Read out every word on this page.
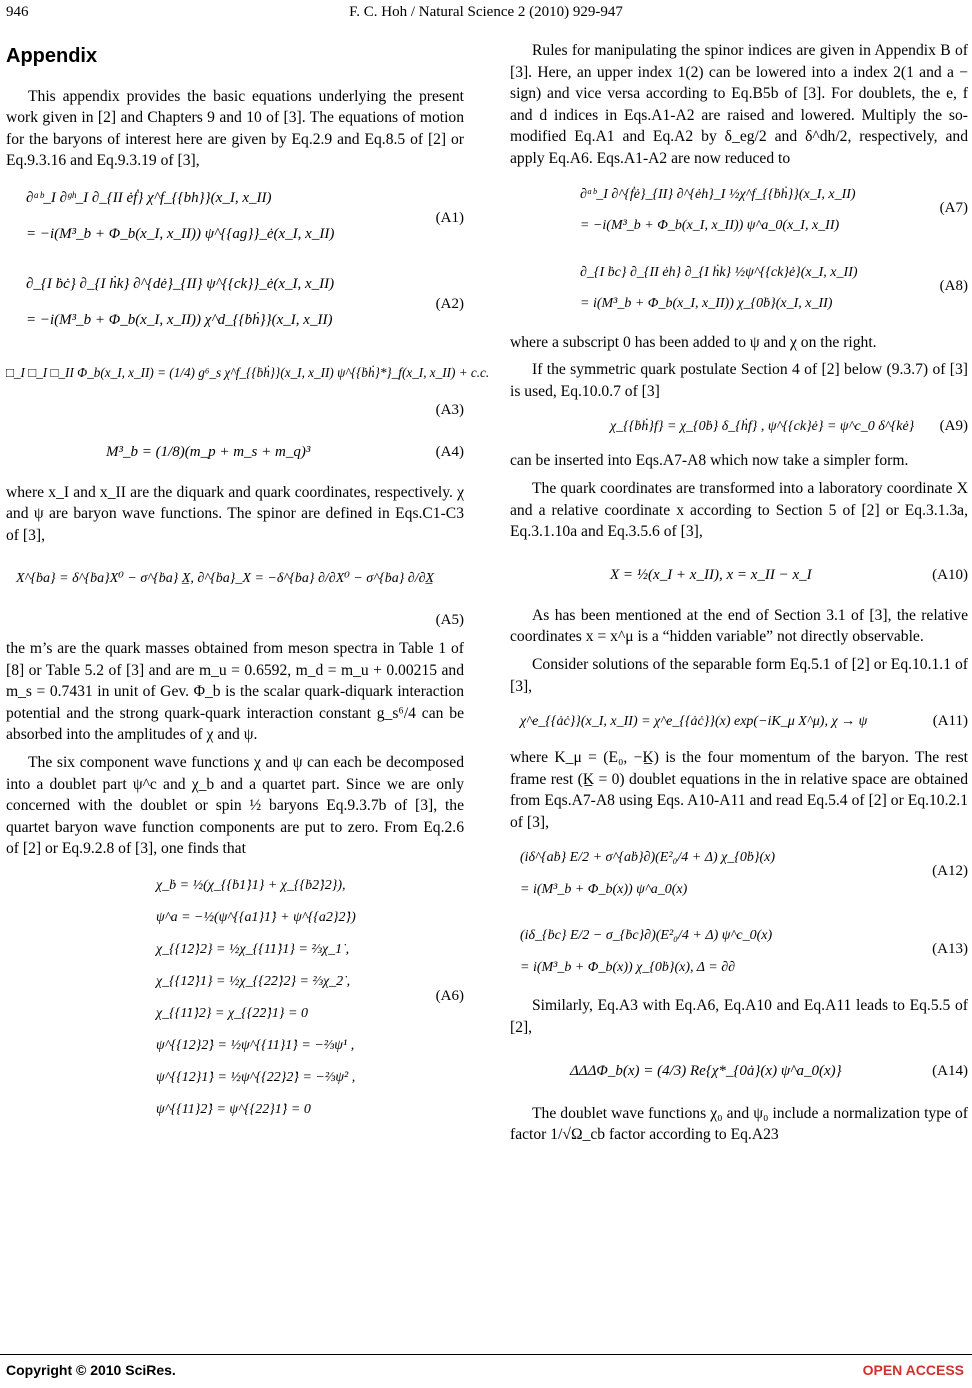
946	F. C. Hoh / Natural Science 2 (2010) 929-947
Appendix

This appendix provides the basic equations underlying the present work given in [2] and Chapters 9 and 10 of [3]. The equations of motion for the baryons of interest here are given by Eq.2.9 and Eq.8.5 of [2] or Eq.9.3.16 and Eq.9.3.19 of [3],

∂ᵃᵇ_I ∂ᵍʰ_I ∂_{II ėḟ} χ^f_{{bh}}(x_I, x_II)
= −i(M³_b + Φ_b(x_I, x_II)) ψ^{{ag}}_ė(x_I, x_II)
(A1)
∂_{I ḃċ} ∂_{I ḣk} ∂^{dė}_{II} ψ^{{ck}}_ė(x_I, x_II)
= −i(M³_b + Φ_b(x_I, x_II)) χ^d_{{ḃḣ}}(x_I, x_II)
(A2)
□_I □_I □_II Φ_b(x_I, x_II) = (1/4) g⁶_s χ^f_{{ḃḣ}}(x_I, x_II) ψ^{{ḃḣ}*}_f(x_I, x_II) + c.c.
(A3)
M³_b = (1/8)(m_p + m_s + m_q)³	(A4)

where x_I and x_II are the diquark and quark coordinates, respectively. χ and ψ are baryon wave functions. The spinor are defined in Eqs.C1-C3 of [3],

X^{ḃa} = δ^{ḃa}X⁰ − σ^{ḃa} X̲, ∂^{ḃa}_X = −δ^{ḃa} ∂/∂X⁰ − σ^{ḃa} ∂/∂X̲
(A5)

the m’s are the quark masses obtained from meson spectra in Table 1 of [8] or Table 5.2 of [3] and are m_u = 0.6592, m_d = m_u + 0.00215 and m_s = 0.7431 in unit of Gev. Φ_b is the scalar quark-diquark interaction potential and the strong quark-quark interaction constant g_s⁶/4 can be absorbed into the amplitudes of χ and ψ.

The six component wave functions χ and ψ can each be decomposed into a doublet part ψ^c and χ_b and a quartet part. Since we are only concerned with the doublet or spin ½ baryons Eq.9.3.7b of [3], the quartet baryon wave function components are put to zero. From Eq.2.6 of [2] or Eq.9.2.8 of [3], one finds that

χ_ḃ = ½(χ_{{ḃ1̇}1} + χ_{{ḃ2̇}2}),
ψ^a = −½(ψ^{{a1}1̇} + ψ^{{a2}2̇})
χ_{{1̇2̇}2} = ½χ_{{1̇1̇}1} = ⅔χ_1̇ ,
χ_{{1̇2̇}1} = ½χ_{{2̇2̇}2} = ⅔χ_2̇ ,
χ_{{1̇1̇}2} = χ_{{2̇2̇}1} = 0
ψ^{{12}2̇} = ½ψ^{{11}1̇} = −⅔ψ¹ ,
ψ^{{12}1̇} = ½ψ^{{22}2̇} = −⅔ψ² ,
ψ^{{11}2̇} = ψ^{{22}1̇} = 0
(A6)

Rules for manipulating the spinor indices are given in Appendix B of [3]. Here, an upper index 1(2) can be lowered into a index 2(1 and a − sign) and vice versa according to Eq.B5b of [3]. For doublets, the e, f and d indices in Eqs.A1-A2 are raised and lowered. Multiply the so-modified Eq.A1 and Eq.A2 by δ_eg/2 and δ^dh/2, respectively, and apply Eq.A6. Eqs.A1-A2 are now reduced to

∂ᵃᵇ_I ∂^{ḟė}_{II} ∂^{ėh}_I ½χ^f_{{ḃḣ}}(x_I, x_II)
= −i(M³_b + Φ_b(x_I, x_II)) ψ^a_0(x_I, x_II)
(A7)
∂_{I ḃc} ∂_{II ėh} ∂_{I ḣk} ½ψ^{{ck}ė}(x_I, x_II)
= i(M³_b + Φ_b(x_I, x_II)) χ_{0ḃ}(x_I, x_II)
(A8)

where a subscript 0 has been added to ψ and χ on the right.

If the symmetric quark postulate Section 4 of [2] below (9.3.7) of [3] is used, Eq.10.0.7 of [3]

χ_{{ḃḣ}f} = χ_{0ḃ} δ_{ḣf} , ψ^{{ck}ė} = ψ^c_0 δ^{kė} (A9)

can be inserted into Eqs.A7-A8 which now take a simpler form.

The quark coordinates are transformed into a laboratory coordinate X and a relative coordinate x according to Section 5 of [2] or Eq.3.1.3a, Eq.3.1.10a and Eq.3.5.6 of [3],

X = ½(x_I + x_II), x = x_II − x_I	(A10)

As has been mentioned at the end of Section 3.1 of [3], the relative coordinates x = x^μ is a “hidden variable” not directly observable.

Consider solutions of the separable form Eq.5.1 of [2] or Eq.10.1.1 of [3],

χ^e_{{ȧċ}}(x_I, x_II) = χ^e_{{ȧċ}}(x) exp(−iK_μ X^μ), χ → ψ	(A11)

where K_μ = (E₀, −K̲) is the four momentum of the baryon. The rest frame rest (K̲ = 0) doublet equations in the in relative space are obtained from Eqs.A7-A8 using Eqs. A10-A11 and read Eq.5.4 of [2] or Eq.10.2.1 of [3],

(iδ^{aḃ} E/2 + σ^{aḃ}∂)(E²₀/4 + Δ) χ_{0ḃ}(x)
= i(M³_b + Φ_b(x)) ψ^a_0(x)
(A12)
(iδ_{ḃc} E/2 − σ_{ḃc}∂)(E²₀/4 + Δ) ψ^c_0(x)
= i(M³_b + Φ_b(x)) χ_{0ḃ}(x), Δ = ∂∂
(A13)

Similarly, Eq.A3 with Eq.A6, Eq.A10 and Eq.A11 leads to Eq.5.5 of [2],

ΔΔΔΦ_b(x) = (4/3) Re{χ*_{0ȧ}(x) ψ^a_0(x)}	(A14)

The doublet wave functions χ₀ and ψ₀ include a normalization type of factor 1/√Ω_cb factor according to Eq.A23

Copyright © 2010 SciRes.	OPEN ACCESS
